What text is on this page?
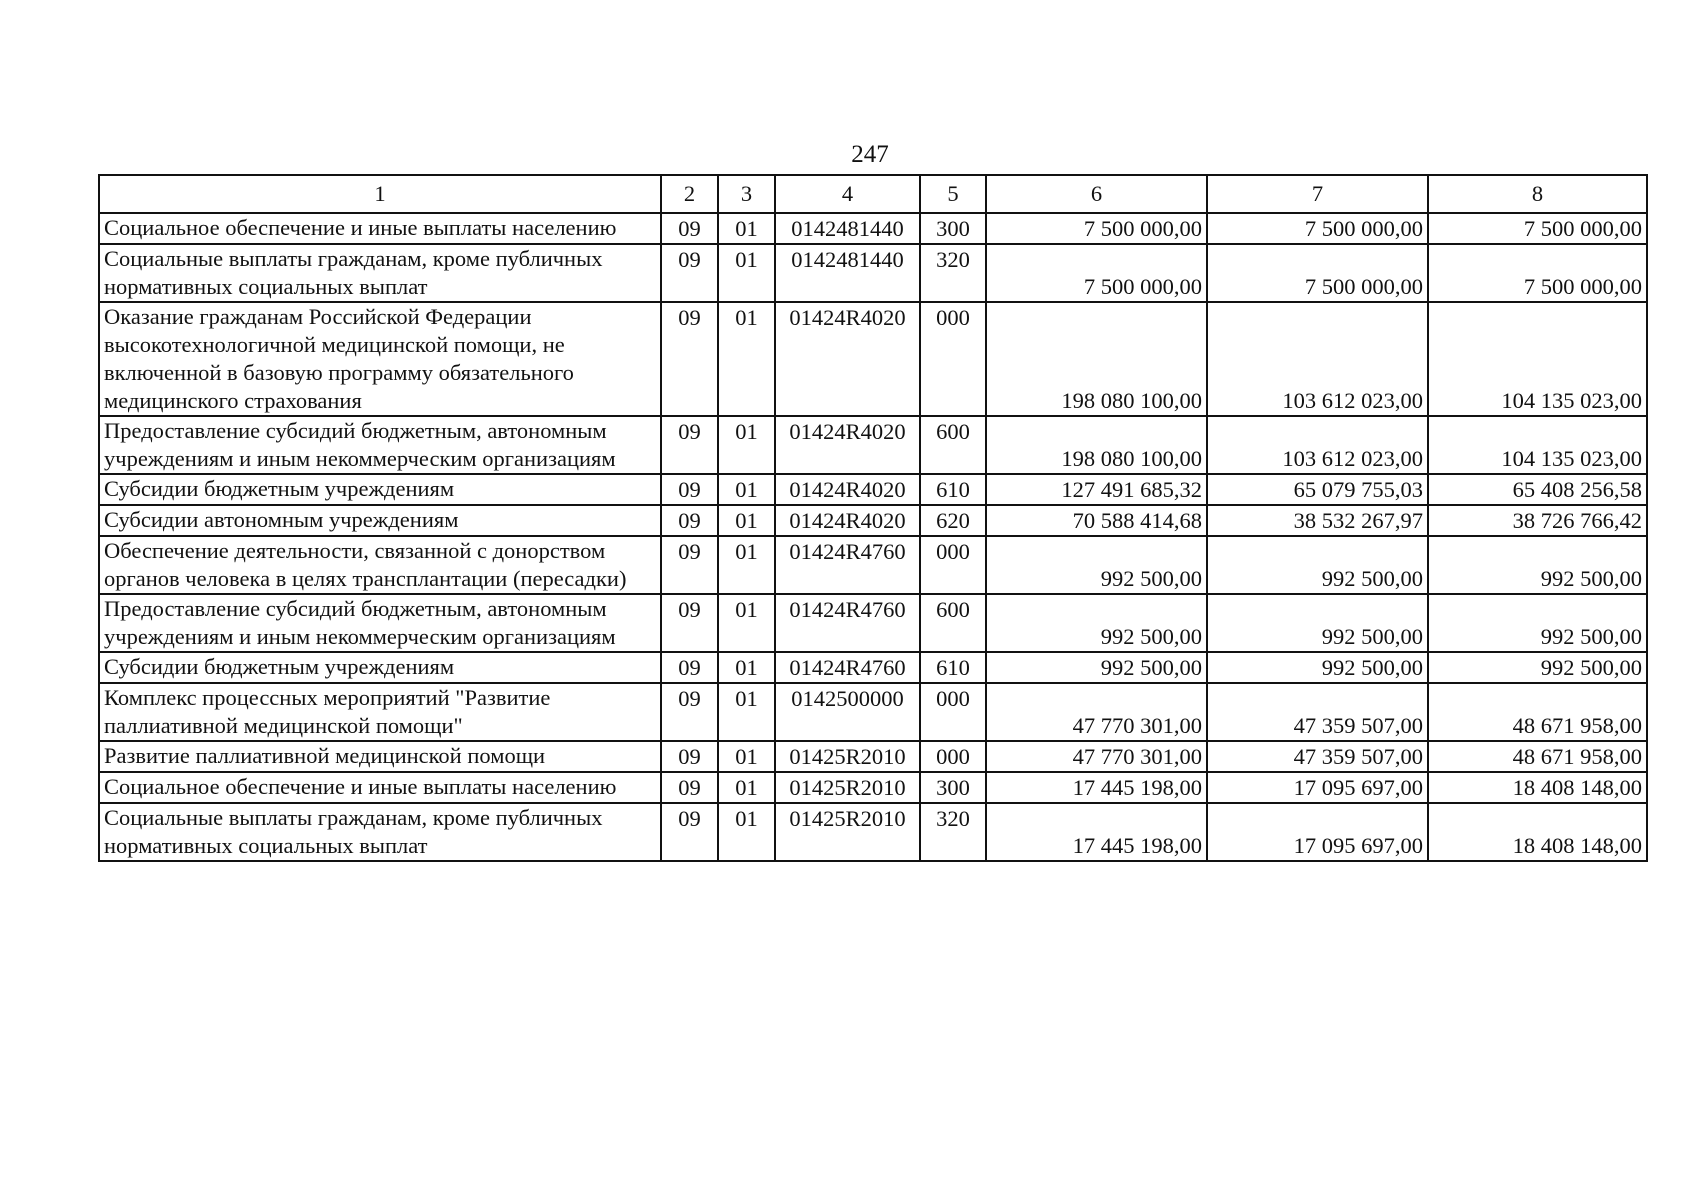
247
1	2	3	4	5	6	7	8
Социальное обеспечение и иные выплаты населению	09	01	0142481440	300	7 500 000,00	7 500 000,00	7 500 000,00
Социальные выплаты гражданам, кроме публичных нормативных социальных выплат	09	01	0142481440	320	7 500 000,00	7 500 000,00	7 500 000,00
Оказание гражданам Российской Федерации высокотехнологичной медицинской помощи, не включенной в базовую программу обязательного медицинского страхования	09	01	01424R4020	000	198 080 100,00	103 612 023,00	104 135 023,00
Предоставление субсидий бюджетным, автономным учреждениям и иным некоммерческим организациям	09	01	01424R4020	600	198 080 100,00	103 612 023,00	104 135 023,00
Субсидии бюджетным учреждениям	09	01	01424R4020	610	127 491 685,32	65 079 755,03	65 408 256,58
Субсидии автономным учреждениям	09	01	01424R4020	620	70 588 414,68	38 532 267,97	38 726 766,42
Обеспечение деятельности, связанной с донорством органов человека в целях трансплантации (пересадки)	09	01	01424R4760	000	992 500,00	992 500,00	992 500,00
Предоставление субсидий бюджетным, автономным учреждениям и иным некоммерческим организациям	09	01	01424R4760	600	992 500,00	992 500,00	992 500,00
Субсидии бюджетным учреждениям	09	01	01424R4760	610	992 500,00	992 500,00	992 500,00
Комплекс процессных мероприятий "Развитие паллиативной медицинской помощи"	09	01	0142500000	000	47 770 301,00	47 359 507,00	48 671 958,00
Развитие паллиативной медицинской помощи	09	01	01425R2010	000	47 770 301,00	47 359 507,00	48 671 958,00
Социальное обеспечение и иные выплаты населению	09	01	01425R2010	300	17 445 198,00	17 095 697,00	18 408 148,00
Социальные выплаты гражданам, кроме публичных нормативных социальных выплат	09	01	01425R2010	320	17 445 198,00	17 095 697,00	18 408 148,00
